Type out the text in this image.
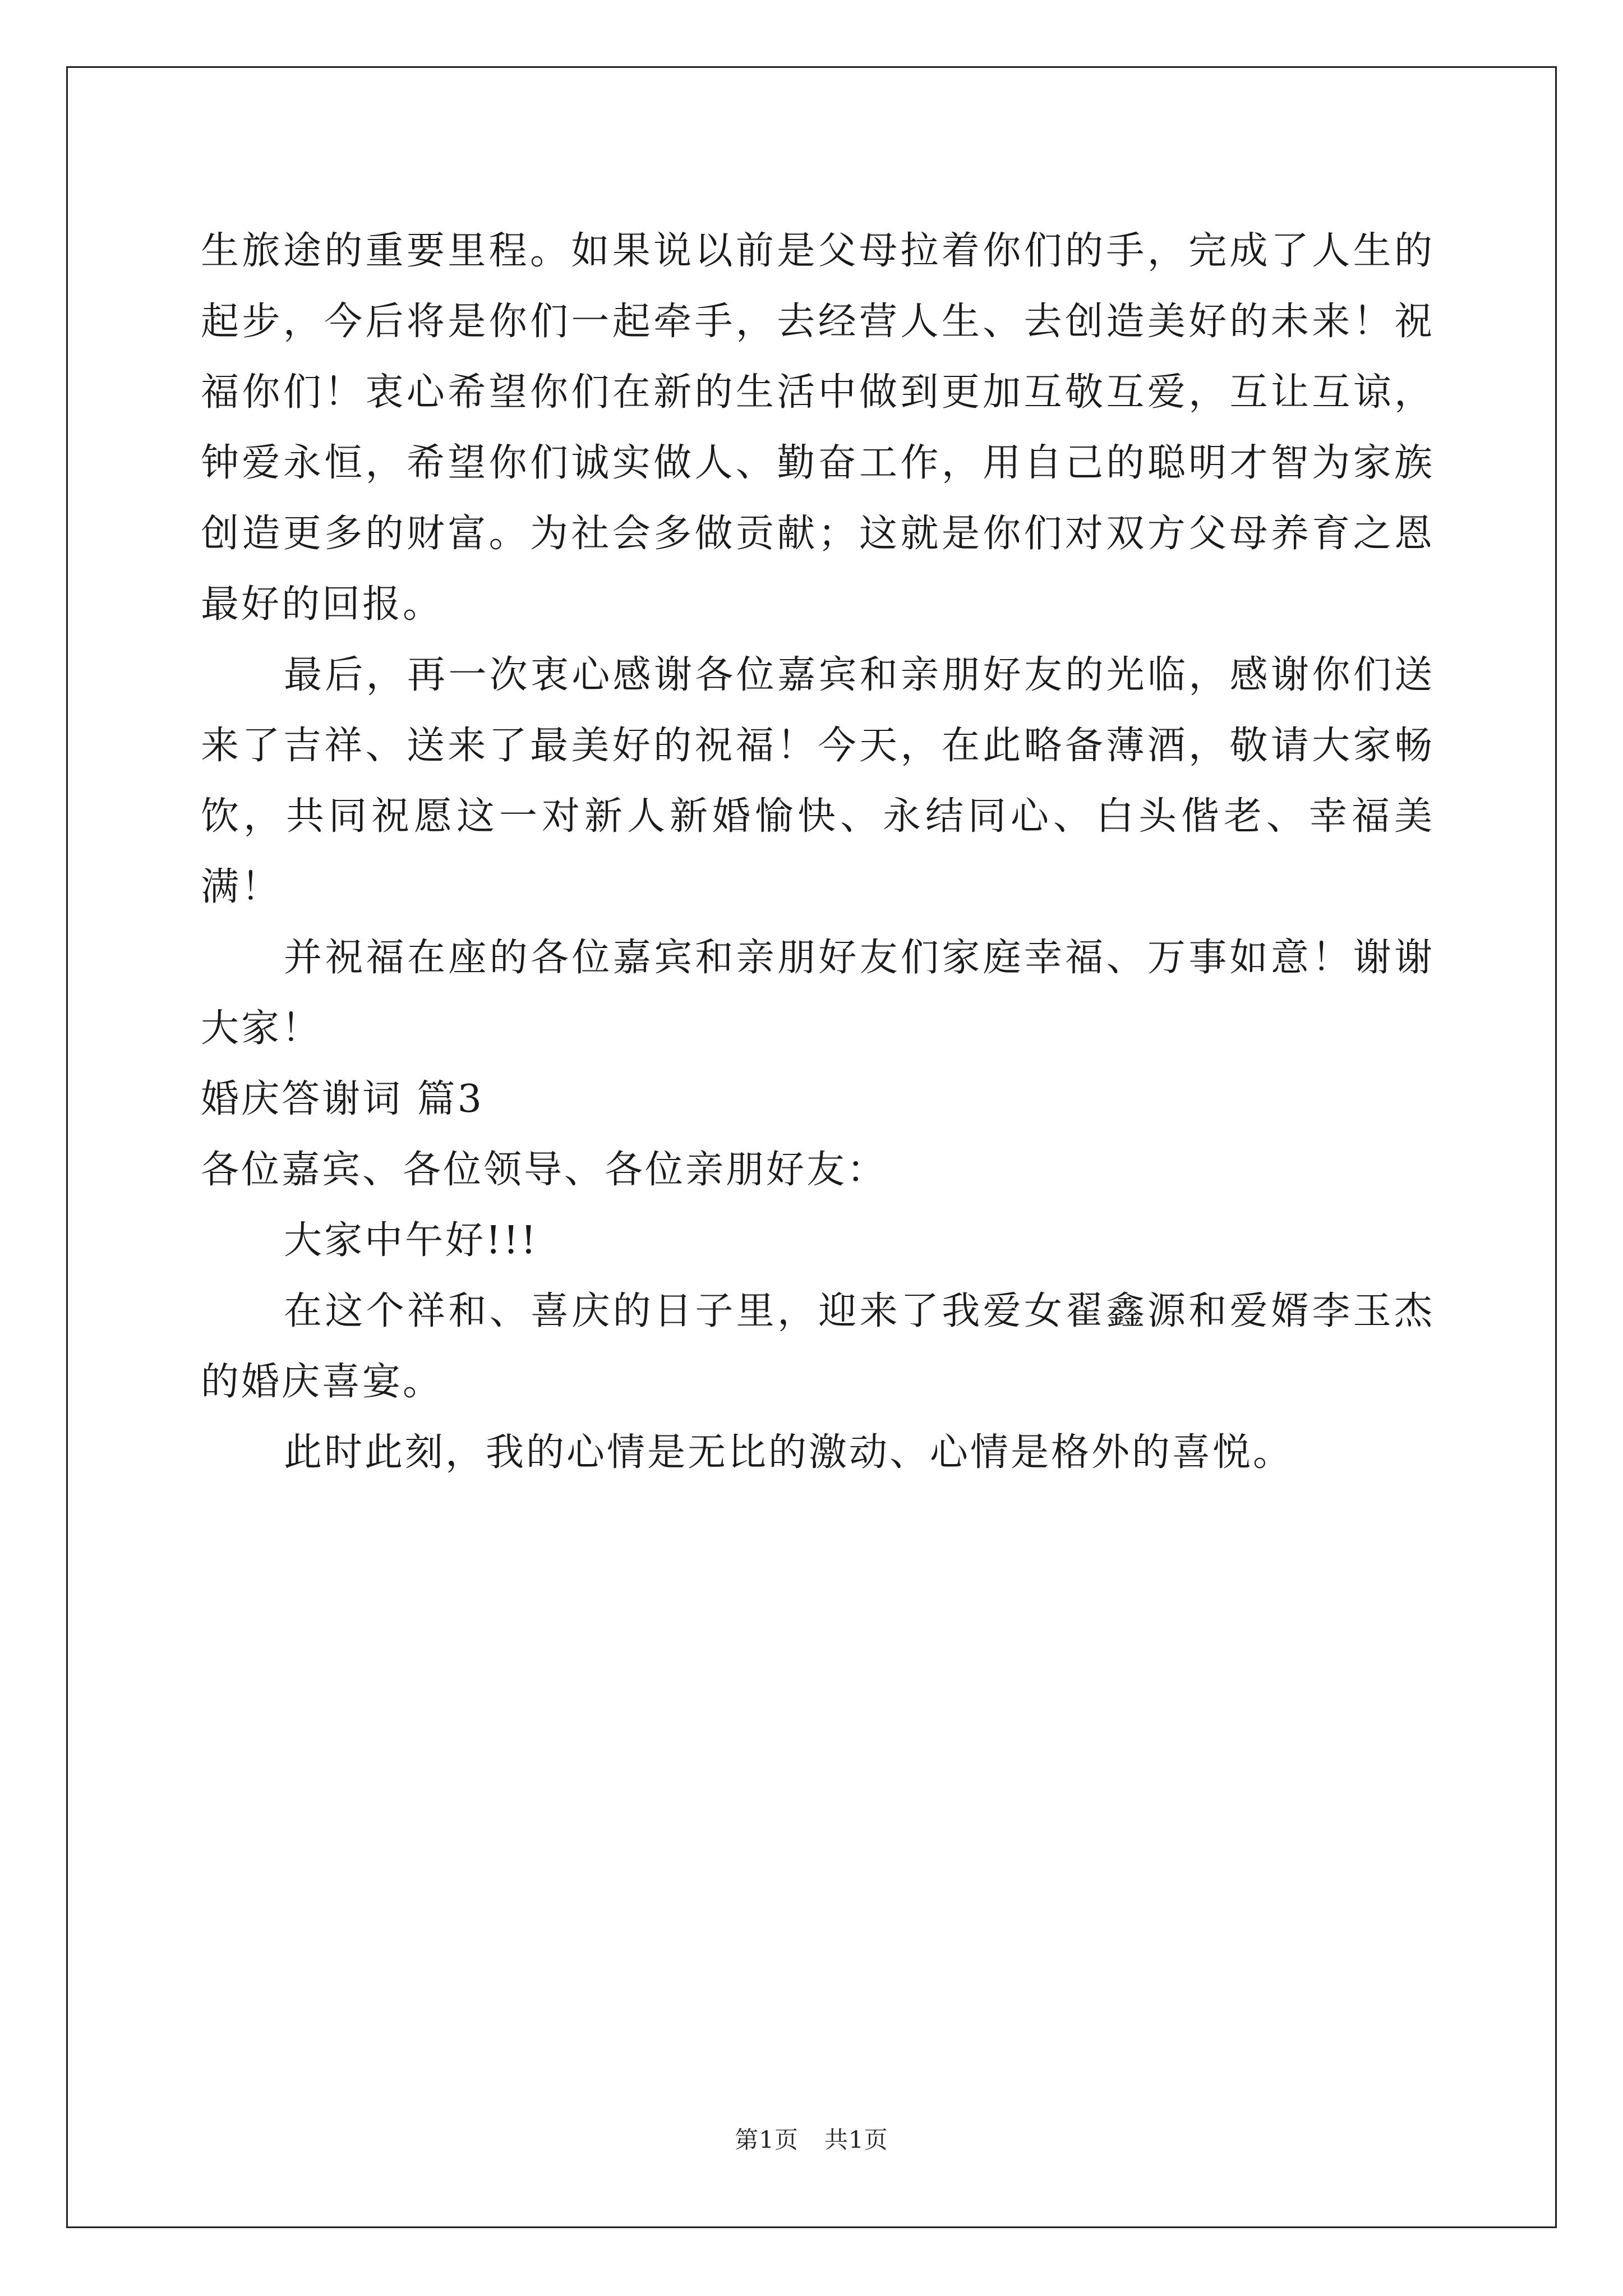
生旅途的重要里程。如果说以前是父母拉着你们的手，完成了人生的起步，今后将是你们一起牵手，去经营人生、去创造美好的未来！祝福你们！衷心希望你们在新的生活中做到更加互敬互爱，互让互谅，钟爱永恒，希望你们诚实做人、勤奋工作，用自己的聪明才智为家族创造更多的财富。为社会多做贡献；这就是你们对双方父母养育之恩最好的回报。

最后，再一次衷心感谢各位嘉宾和亲朋好友的光临，感谢你们送来了吉祥、送来了最美好的祝福！今天，在此略备薄酒，敬请大家畅饮，共同祝愿这一对新人新婚愉快、永结同心、白头偕老、幸福美满！

并祝福在座的各位嘉宾和亲朋好友们家庭幸福、万事如意！谢谢大家！

婚庆答谢词 篇3

各位嘉宾、各位领导、各位亲朋好友：

大家中午好!!!

在这个祥和、喜庆的日子里，迎来了我爱女翟鑫源和爱婿李玉杰的婚庆喜宴。

此时此刻，我的心情是无比的激动、心情是格外的喜悦。

第1页 共1页
